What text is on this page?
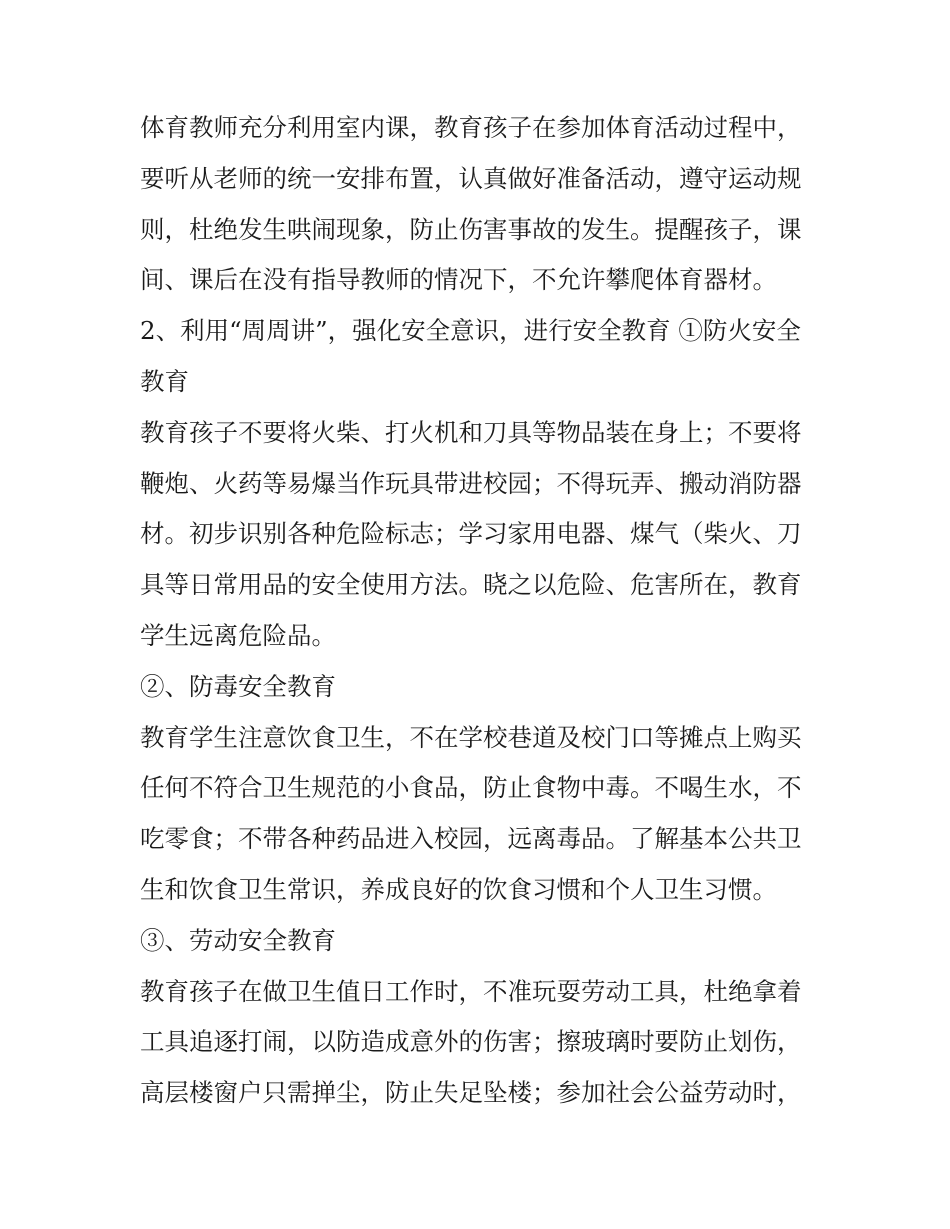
体育教师充分利用室内课，教育孩子在参加体育活动过程中，
要听从老师的统一安排布置，认真做好准备活动，遵守运动规
则，杜绝发生哄闹现象，防止伤害事故的发生。提醒孩子，课
间、课后在没有指导教师的情况下，不允许攀爬体育器材。
2、利用“周周讲”，强化安全意识，进行安全教育 ①防火安全
教育
教育孩子不要将火柴、打火机和刀具等物品装在身上；不要将
鞭炮、火药等易爆当作玩具带进校园；不得玩弄、搬动消防器
材。初步识别各种危险标志；学习家用电器、煤气（柴火、刀
具等日常用品的安全使用方法。晓之以危险、危害所在，教育
学生远离危险品。
②、防毒安全教育
教育学生注意饮食卫生，不在学校巷道及校门口等摊点上购买
任何不符合卫生规范的小食品，防止食物中毒。不喝生水，不
吃零食；不带各种药品进入校园，远离毒品。了解基本公共卫
生和饮食卫生常识，养成良好的饮食习惯和个人卫生习惯。
③、劳动安全教育
教育孩子在做卫生值日工作时，不准玩耍劳动工具，杜绝拿着
工具追逐打闹，以防造成意外的伤害；擦玻璃时要防止划伤，
高层楼窗户只需掸尘，防止失足坠楼；参加社会公益劳动时，
